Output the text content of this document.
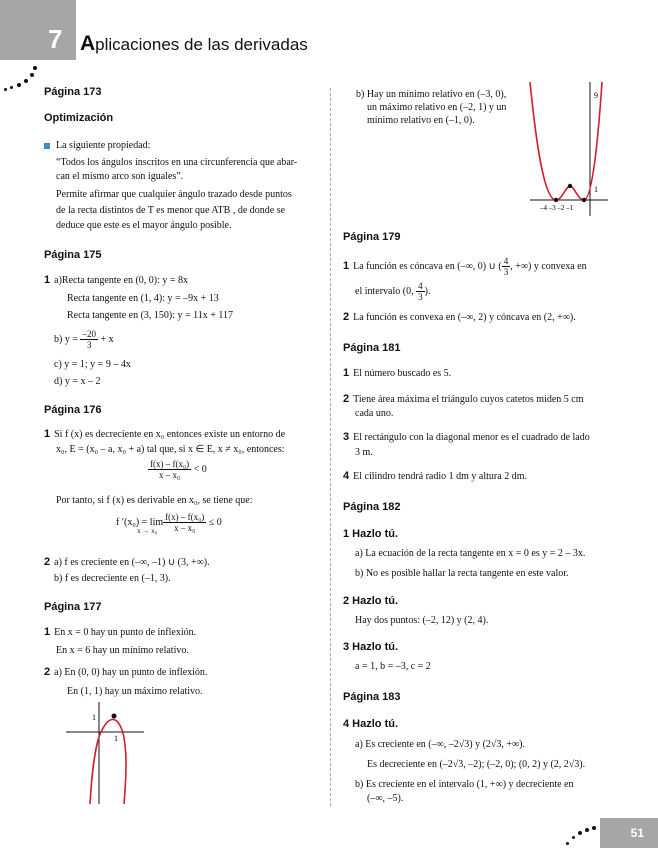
7 Aplicaciones de las derivadas
Página 173
Optimización
La siguiente propiedad:
“Todos los ángulos inscritos en una circunferencia que abar-
can el mismo arco son iguales”.
Permite afirmar que cualquier ángulo trazado desde puntos
de la recta distintos de T es menor que ATB , de donde se
deduce que este es el mayor ángulo posible.
Página 175
1 a)Recta tangente en (0, 0): y = 8x
Recta tangente en (1, 4): y = –9x + 13
Recta tangente en (3, 150): y = 11x + 117
b) $y = \frac{-20}{3} + x$
c) y = 1; y = 9 – 4x
d) y = x – 2
Página 176
1 Si f (x) es decreciente en x₀ entonces existe un entorno de
x₀, E = (x₀ – a, x₀ + a) tal que, si x ∈ E, x ≠ x₀, entonces:
$\frac{\text{f(x) – f(x₀)}}{\text{x – x₀}} < 0$
Por tanto, si f (x) es derivable en x₀, se tiene que:
f $'(x_0) = \lim_{x \to x_0} \frac{\text{f(x) – f(x₀)}}{\text{x – x₀}} \le 0$
2 a) f es creciente en (–∞, –1) ∪ (3, +∞).
b) f es decreciente en (–1, 3).
Página 177
1 En x = 0 hay un punto de inflexión.
En x = 6 hay un mínimo relativo.
2 a) En (0, 0) hay un punto de inflexión.
En (1, 1) hay un máximo relativo.
1
1
b) Hay un mínimo relativo en (–3, 0),
un máximo relativo en (–2, 1) y un
mínimo relativo en (–1, 0).
9
1
–4 –3 –2 –1
Página 179
1 La función es cóncava en (–∞, 0) ∪ ( $\frac{4}{3}$ , +∞) y convexa en
el intervalo (0, $\frac{4}{3}$ ).
2 La función es convexa en (–∞, 2) y cóncava en (2, +∞).
Página 181
1 El número buscado es 5.
2 Tiene área máxima el triángulo cuyos catetos miden 5 cm
cada uno.
3 El rectángulo con la diagonal menor es el cuadrado de lado
3 m.
4 El cilindro tendrá radio 1 dm y altura 2 dm.
Página 182
1 Hazlo tú.
a) La ecuación de la recta tangente en x = 0 es y = 2 – 3x.
b) No es posible hallar la recta tangente en este valor.
2 Hazlo tú.
Hay dos puntos: (–2, 12) y (2, 4).
3 Hazlo tú.
a = 1, b = –3, c = 2
Página 183
4 Hazlo tú.
a) Es creciente en (–∞, –2√3) y (2√3, +∞).
Es decreciente en (–2√3, –2); (–2, 0); (0, 2) y (2, 2√3).
b) Es creciente en el intervalo (1, +∞) y decreciente en
(–∞, –5).
51
